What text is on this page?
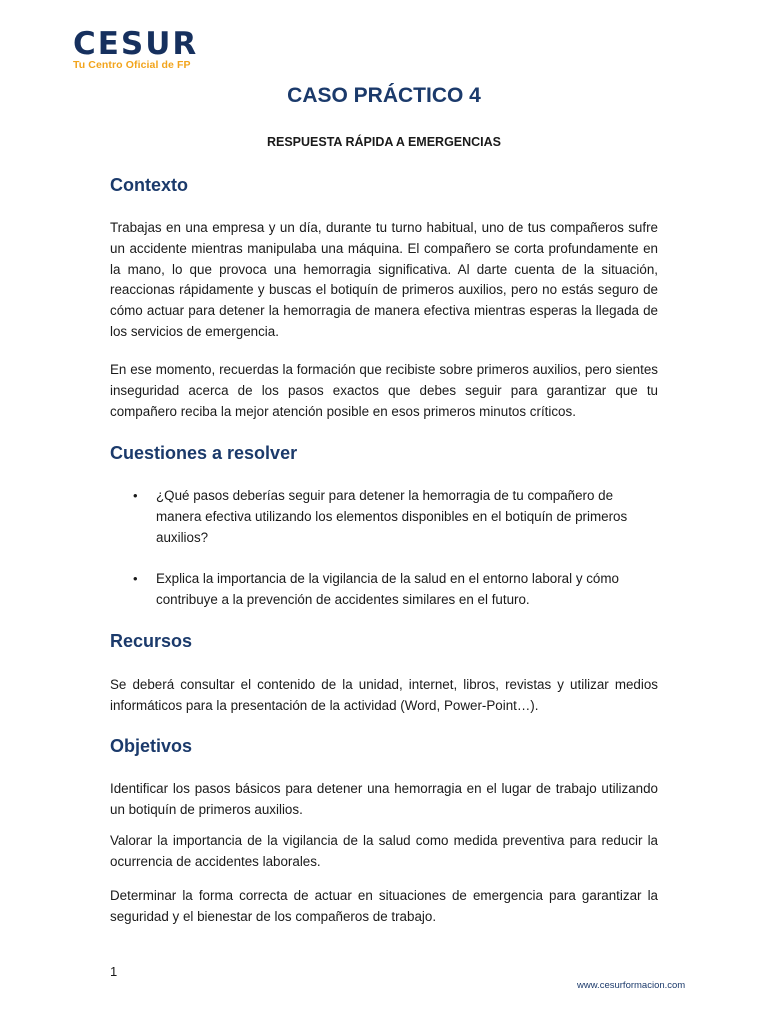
CESUR
Tu Centro Oficial de FP
CASO PRÁCTICO 4
RESPUESTA RÁPIDA A EMERGENCIAS
Contexto

Trabajas en una empresa y un día, durante tu turno habitual, uno de tus compañeros sufre un accidente mientras manipulaba una máquina. El compañero se corta profundamente en la mano, lo que provoca una hemorragia significativa. Al darte cuenta de la situación, reaccionas rápidamente y buscas el botiquín de primeros auxilios, pero no estás seguro de cómo actuar para detener la hemorragia de manera efectiva mientras esperas la llegada de los servicios de emergencia.

En ese momento, recuerdas la formación que recibiste sobre primeros auxilios, pero sientes inseguridad acerca de los pasos exactos que debes seguir para garantizar que tu compañero reciba la mejor atención posible en esos primeros minutos críticos.

Cuestiones a resolver
•	¿Qué pasos deberías seguir para detener la hemorragia de tu compañero de manera efectiva utilizando los elementos disponibles en el botiquín de primeros auxilios?
•	Explica la importancia de la vigilancia de la salud en el entorno laboral y cómo contribuye a la prevención de accidentes similares en el futuro.
Recursos

Se deberá consultar el contenido de la unidad, internet, libros, revistas y utilizar medios informáticos para la presentación de la actividad (Word, Power-Point…).

Objetivos

Identificar los pasos básicos para detener una hemorragia en el lugar de trabajo utilizando un botiquín de primeros auxilios.

Valorar la importancia de la vigilancia de la salud como medida preventiva para reducir la ocurrencia de accidentes laborales.

Determinar la forma correcta de actuar en situaciones de emergencia para garantizar la seguridad y el bienestar de los compañeros de trabajo.

1
www.cesurformacion.com
